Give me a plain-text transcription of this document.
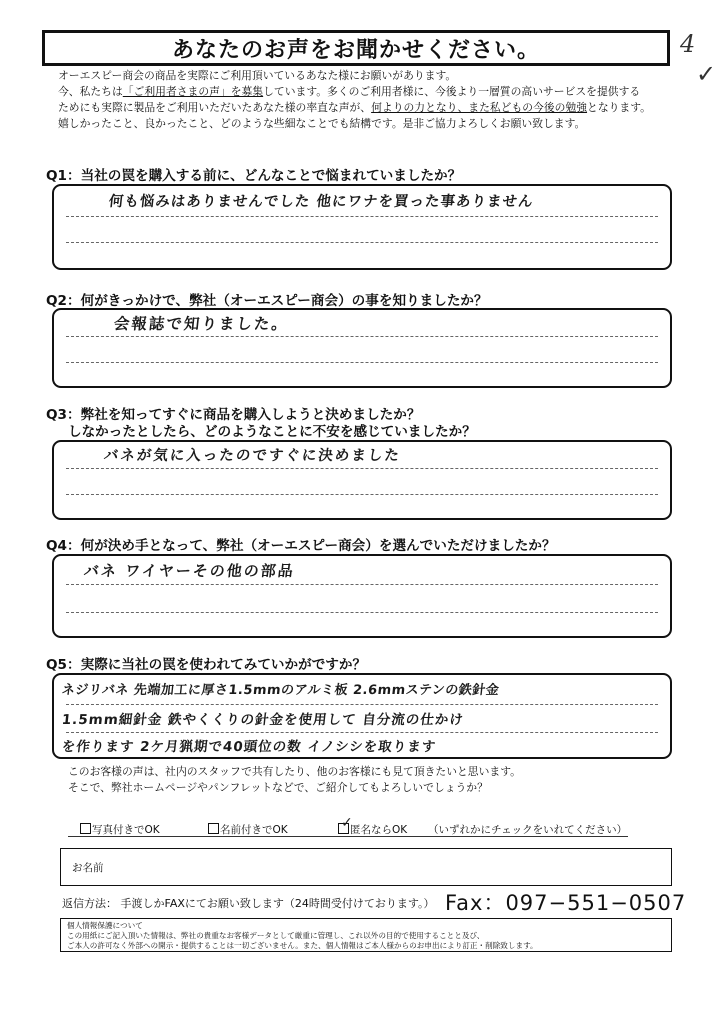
あなたのお声をお聞かせください。	4
✓

オーエスピー商会の商品を実際にご利用頂いているあなた様にお願いがあります。

今、私たちは「ご利用者さまの声」を募集しています。多くのご利用者様に、今後より一層質の高いサービスを提供する

ためにも実際に製品をご利用いただいたあなた様の率直な声が、何よりの力となり、また私どもの今後の勉強となります。

嬉しかったこと、良かったこと、どのような些細なことでも結構です。是非ご協力よろしくお願い致します。

Q1：当社の罠を購入する前に、どんなことで悩まれていましたか？
何も悩みはありませんでした 他にワナを買った事ありません
Q2：何がきっかけで、弊社（オーエスピー商会）の事を知りましたか？
会報誌で知りました。
Q3：弊社を知ってすぐに商品を購入しようと決めましたか？
しなかったとしたら、どのようなことに不安を感じていましたか？
バネが気に入ったのですぐに決めました
Q4：何が決め手となって、弊社（オーエスピー商会）を選んでいただけましたか？
バネ ワイヤーその他の部品
Q5：実際に当社の罠を使われてみていかがですか？
ネジリバネ 先端加工に厚さ1.5mmのアルミ板 2.6mmステンの鉄針金
1.5mm細針金 鉄やくくりの針金を使用して 自分流の仕かけ
を作ります 2ケ月猟期で40頭位の数 イノシシを取ります

このお客様の声は、社内のスタッフで共有したり、他のお客様にも見て頂きたいと思います。

そこで、弊社ホームページやパンフレットなどで、ご紹介してもよろしいでしょうか？

写真付きでOK	名前付きでOK	✓
匿名ならOK （いずれかにチェックをいれてください）
お名前
返信方法： 手渡しかFAXにてお願い致します（24時間受付けております。） Fax：097−551−0507

個人情報保護について

この用紙にご記入頂いた情報は、弊社の貴重なお客様データとして厳重に管理し、これ以外の目的で使用することと及び、

ご本人の許可なく外部への開示・提供することは一切ございません。また、個人情報はご本人様からのお申出により訂正・削除致します。
